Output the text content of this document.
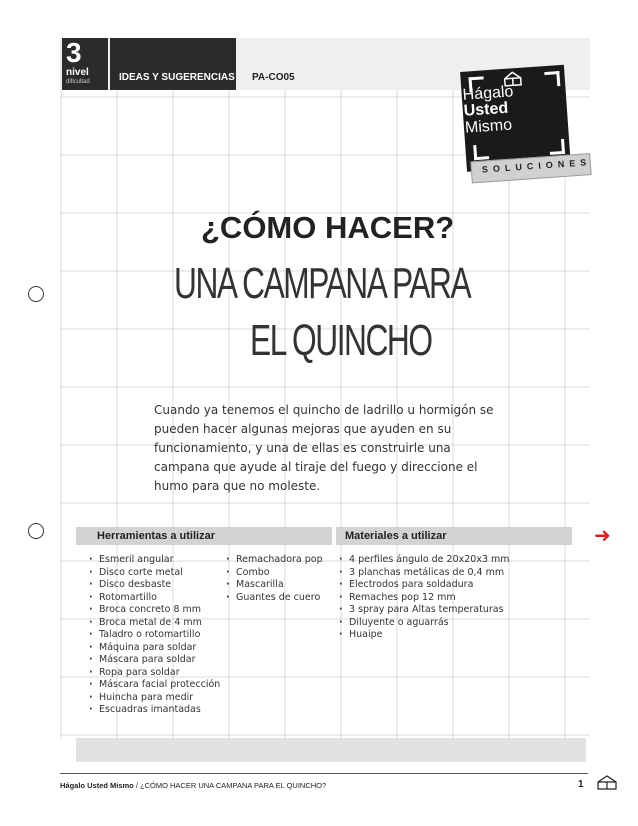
3
nivel
dificultad	IDEAS Y SUGERENCIAS PA-CO05
Hágalo
Usted
Mismo
SOLUCIONES
¿CÓMO HACER?
UNA CAMPANA PARA
EL QUINCHO
Cuando ya tenemos el quincho de ladrillo u hormigón se pueden hacer algunas mejoras que ayuden en su funcionamiento, y una de ellas es construirle una campana que ayude al tiraje del fuego y direccione el humo para que no moleste.
Herramientas a utilizar	Materiales a utilizar	➜
· Esmeril angular
· Disco corte metal
· Disco desbaste
· Rotomartillo
· Broca concreto 8 mm
· Broca metal de 4 mm
· Taladro o rotomartillo
· Máquina para soldar
· Máscara para soldar
· Ropa para soldar
· Máscara facial protección
· Huincha para medir
· Escuadras imantadas
· Remachadora pop
· Combo
· Mascarilla
· Guantes de cuero
· 4 perfiles ángulo de 20x20x3 mm
· 3 planchas metálicas de 0,4 mm
· Electrodos para soldadura
· Remaches pop 12 mm
· 3 spray para Altas temperaturas
· Diluyente o aguarrás
· Huaipe
Hágalo Usted Mismo / ¿CÓMO HACER UNA CAMPANA PARA EL QUINCHO?	1
